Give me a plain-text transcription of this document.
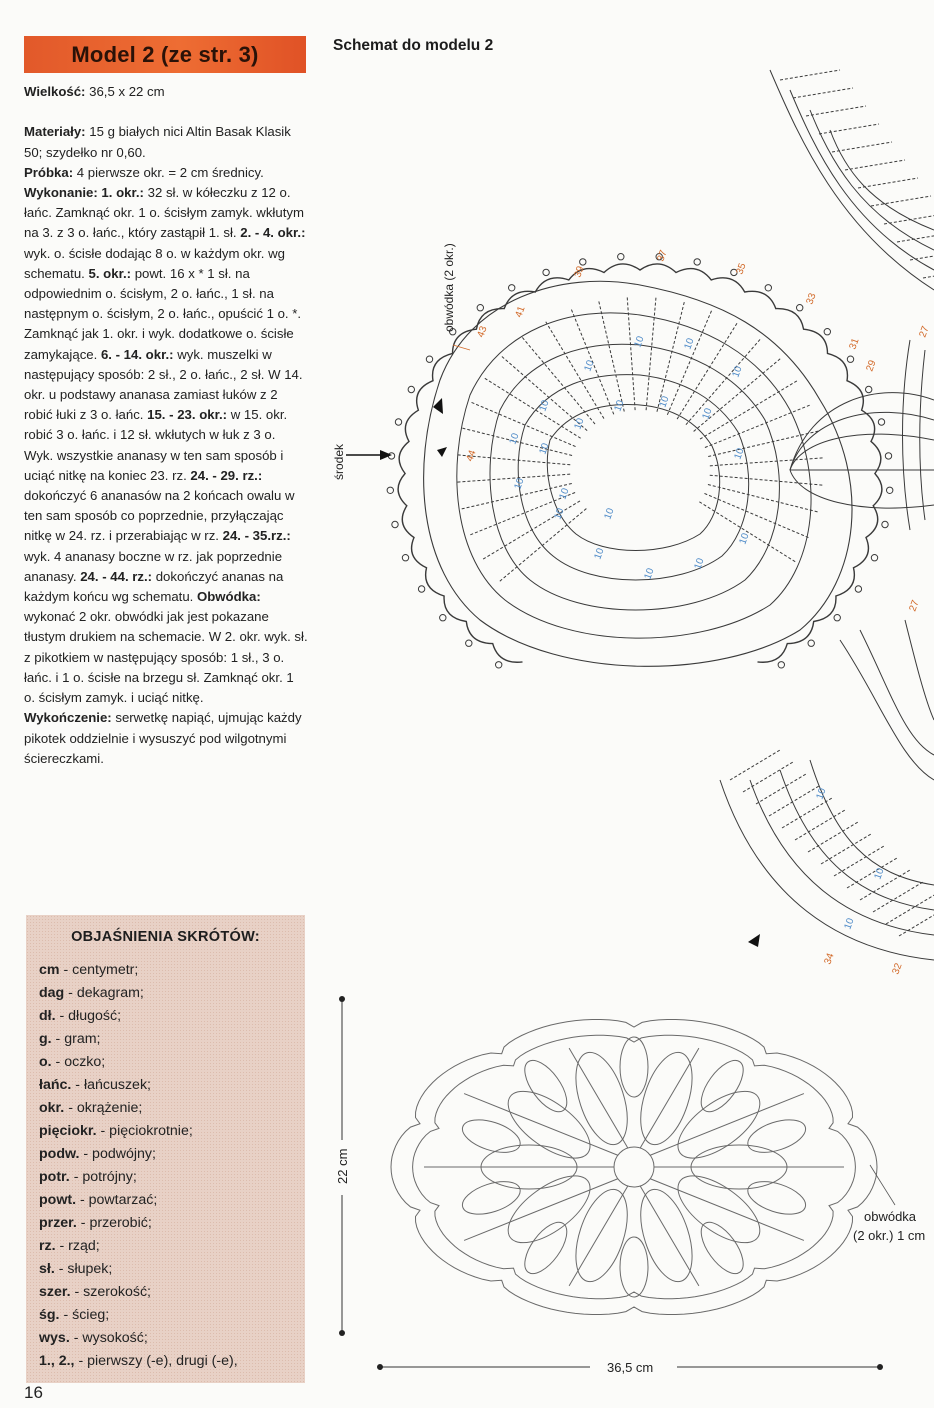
Model 2 (ze str. 3)

Wielkość: 36,5 x 22 cm

Materiały: 15 g białych nici Altin Basak Klasik 50; szydełko nr 0,60.
Próbka: 4 pierwsze okr. = 2 cm średnicy.
Wykonanie: 1. okr.: 32 sł. w kółeczku z 12 o. łańc. Zamknąć okr. 1 o. ścisłym zamyk. wkłutym na 3. z 3 o. łańc., który zastąpił 1. sł. 2. - 4. okr.: wyk. o. ścisłe dodając 8 o. w każdym okr. wg schematu. 5. okr.: powt. 16 x * 1 sł. na odpowiednim o. ścisłym, 2 o. łańc., 1 sł. na następnym o. ścisłym, 2 o. łańc., opuścić 1 o. *. Zamknąć jak 1. okr. i wyk. dodatkowe o. ścisłe zamykające. 6. - 14. okr.: wyk. muszelki w następujący sposób: 2 sł., 2 o. łańc., 2 sł. W 14. okr. u podstawy ananasa zamiast łuków z 2 robić łuki z 3 o. łańc. 15. - 23. okr.: w 15. okr. robić 3 o. łańc. i 12 sł. wkłutych w łuk z 3 o. Wyk. wszystkie ananasy w ten sam sposób i uciąć nitkę na koniec 23. rz. 24. - 29. rz.: dokończyć 6 ananasów na 2 końcach owalu w ten sam sposób co poprzednie, przyłączając nitkę w 24. rz. i przerabiając w rz. 24. - 35.rz.: wyk. 4 ananasy boczne w rz. jak poprzednie ananasy. 24. - 44. rz.: dokończyć ananas na każdym końcu wg schematu. Obwódka: wykonać 2 okr. obwódki jak jest pokazane tłustym drukiem na schemacie. W 2. okr. wyk. sł. z pikotkiem w następujący sposób: 1 sł., 3 o. łańc. i 1 o. ścisłe na brzegu sł. Zamknąć okr. 1 o. ścisłym zamyk. i uciąć nitkę.
Wykończenie: serwetkę napiąć, ujmując każdy pikotek oddzielnie i wysuszyć pod wilgotnymi ściereczkami.

OBJAŚNIENIA SKRÓTÓW:
cm - centymetr;
dag - dekagram;
dł. - długość;
g. - gram;
o. - oczko;
łańc. - łańcuszek;
okr. - okrążenie;
pięciokr. - pięciokrotnie;
podw. - podwójny;
potr. - potrójny;
powt. - powtarzać;
przer. - przerobić;
rz. - rząd;
sł. - słupek;
szer. - szerokość;
śg. - ścieg;
wys. - wysokość;
1., 2., - pierwszy (-e), drugi (-e),
Schemat do modelu 2
16
43
41
39
37
35
33
31
29
27
44
27
34
32
10
10
10
10	10
10
10
10
10
10
10
10
10
10
10	10
10
10
10
10
10
10
10
obwódka (2 okr.)
środek
22 cm
36,5 cm
obwódka
(2 okr.) 1 cm
